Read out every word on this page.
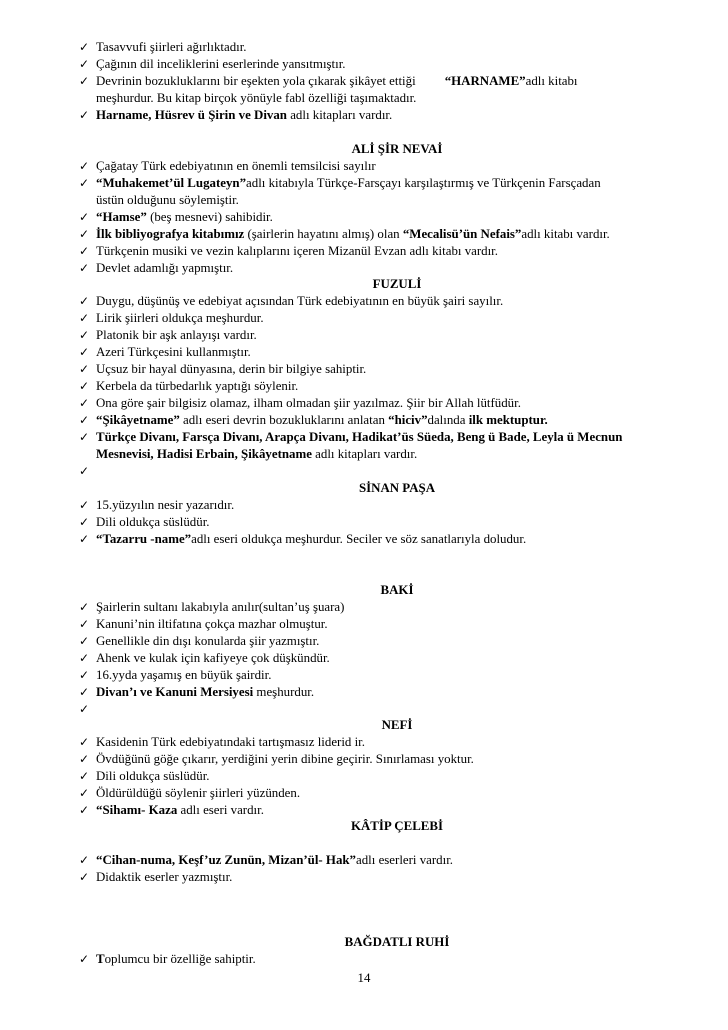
✓ Tasavvufi şiirleri ağırlıktadır.
✓ Çağının dil inceliklerini eserlerinde yansıtmıştır.
✓ Devrinin bozukluklarını bir eşekten yola çıkarak şikâyet ettiği “HARNAME”adlı kitabı
meşhurdur. Bu kitap birçok yönüyle fabl özelliği taşımaktadır.
✓ Harname, Hüsrev ü Şirin ve Divan adlı kitapları vardır.
ALİ ŞİR NEVAİ
✓ Çağatay Türk edebiyatının en önemli temsilcisi sayılır
✓ “Muhakemet’ül Lugateyn”adlı kitabıyla Türkçe-Farsçayı karşılaştırmış ve Türkçenin Farsçadan
üstün olduğunu söylemiştir.
✓ “Hamse” (beş mesnevi) sahibidir.
✓ İlk bibliyografya kitabımız (şairlerin hayatını almış) olan “Mecalisü’ün Nefais”adlı kitabı vardır.
✓ Türkçenin musiki ve vezin kalıplarını içeren Mizanül Evzan adlı kitabı vardır.
✓ Devlet adamlığı yapmıştır.
FUZULİ
✓ Duygu, düşünüş ve edebiyat açısından Türk edebiyatının en büyük şairi sayılır.
✓ Lirik şiirleri oldukça meşhurdur.
✓ Platonik bir aşk anlayışı vardır.
✓ Azeri Türkçesini kullanmıştır.
✓ Uçsuz bir hayal dünyasına, derin bir bilgiye sahiptir.
✓ Kerbela da türbedarlık yaptığı söylenir.
✓ Ona göre şair bilgisiz olamaz, ilham olmadan şiir yazılmaz. Şiir bir Allah lütfüdür.
✓ “Şikâyetname” adlı eseri devrin bozukluklarını anlatan “hiciv”dalında ilk mektuptur.
✓ Türkçe Divanı, Farsça Divanı, Arapça Divanı, Hadikat’üs Süeda, Beng ü Bade, Leyla ü Mecnun
Mesnevisi, Hadisi Erbain, Şikâyetname adlı kitapları vardır.
✓
SİNAN PAŞA
✓ 15.yüzyılın nesir yazarıdır.
✓ Dili oldukça süslüdür.
✓ “Tazarru -name”adlı eseri oldukça meşhurdur. Seciler ve söz sanatlarıyla doludur.
BAKİ
✓ Şairlerin sultanı lakabıyla anılır(sultan’uş şuara)
✓ Kanuni’nin iltifatına çokça mazhar olmuştur.
✓ Genellikle din dışı konularda şiir yazmıştır.
✓ Ahenk ve kulak için kafiyeye çok düşkündür.
✓ 16.yyda yaşamış en büyük şairdir.
✓ Divan’ı ve Kanuni Mersiyesi meşhurdur.
✓
NEFİ
✓ Kasidenin Türk edebiyatındaki tartışmasız liderid ir.
✓ Övdüğünü göğe çıkarır, yerdiğini yerin dibine geçirir. Sınırlaması yoktur.
✓ Dili oldukça süslüdür.
✓ Öldürüldüğü söylenir şiirleri yüzünden.
✓ “Sihamı- Kaza adlı eseri vardır.
KÂTİP ÇELEBİ
✓ “Cihan-numa, Keşf’uz Zunün, Mizan’ül- Hak”adlı eserleri vardır.
✓ Didaktik eserler yazmıştır.
BAĞDATLI RUHİ
✓ Toplumcu bir özelliğe sahiptir.
14
